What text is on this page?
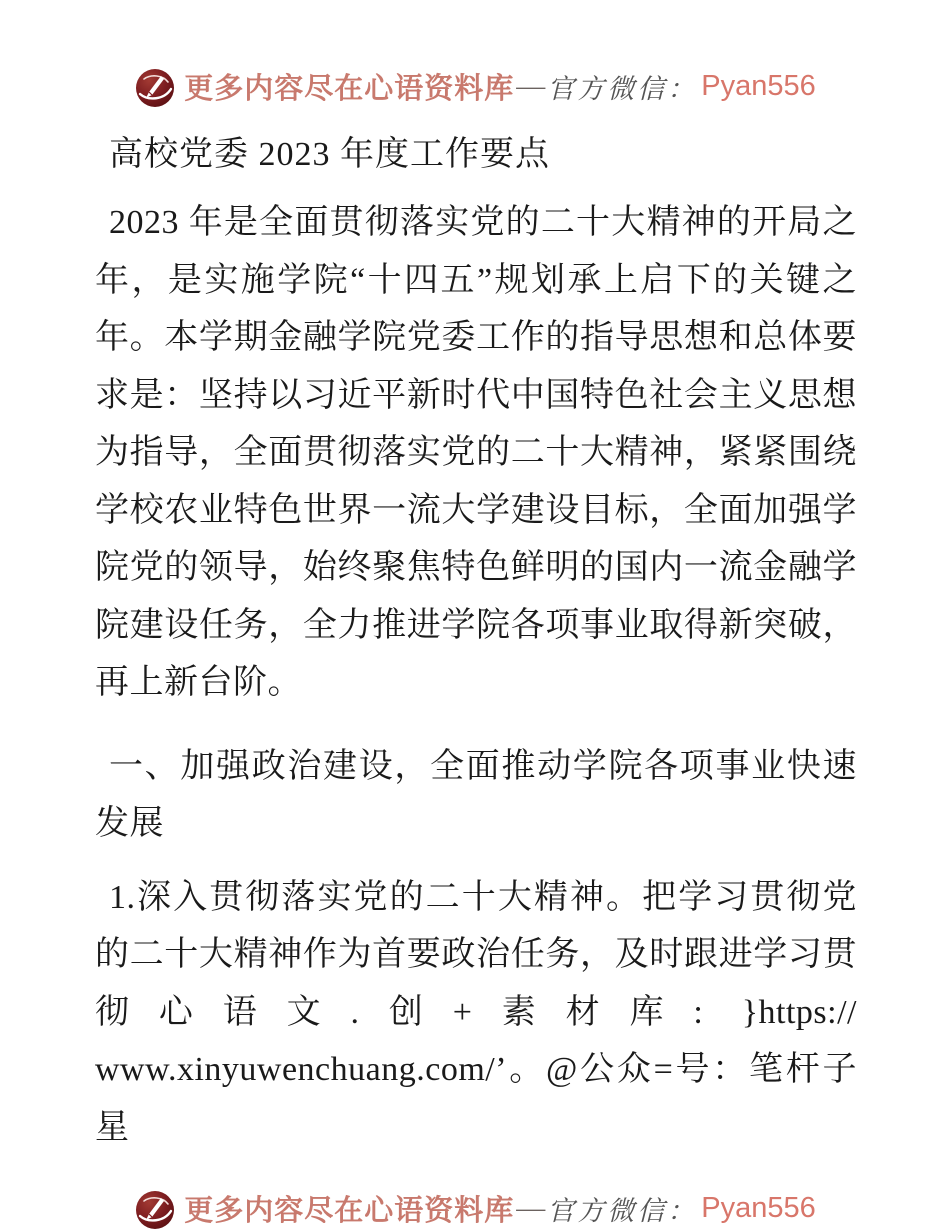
更多内容尽在心语资料库 — 官方微信： Pyan556
高校党委 2023 年度工作要点

2023 年是全面贯彻落实党的二十大精神的开局之年，是实施学院“十四五”规划承上启下的关键之年。本学期金融学院党委工作的指导思想和总体要求是：坚持以习近平新时代中国特色社会主义思想为指导，全面贯彻落实党的二十大精神，紧紧围绕学校农业特色世界一流大学建设目标，全面加强学院党的领导，始终聚焦特色鲜明的国内一流金融学院建设任务，全力推进学院各项事业取得新突破，再上新台阶。

一、加强政治建设，全面推动学院各项事业快速发展

1.深入贯彻落实党的二十大精神。把学习贯彻党的二十大精神作为首要政治任务，及时跟进学习贯彻心语文.创+素材库: }https://​www.xinyuwenchuang.com/’。@公众=号：笔杆子星

更多内容尽在心语资料库 — 官方微信： Pyan556
